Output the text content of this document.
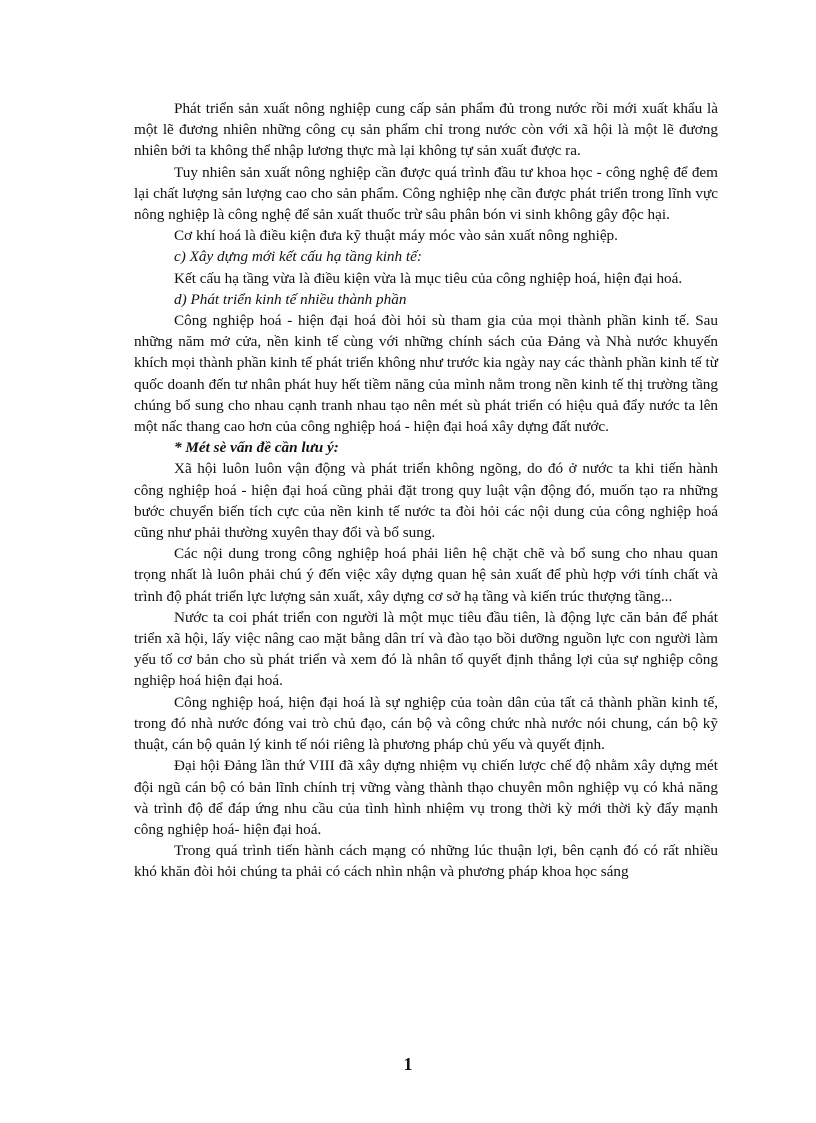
Phát triển sản xuất nông nghiệp cung cấp sản phẩm đủ trong nước rồi mới xuất khẩu là một lẽ đương nhiên những công cụ sản phẩm chỉ trong nước còn với xã hội là một lẽ đương nhiên bởi ta không thể nhập lương thực mà lại không tự sản xuất được ra.

Tuy nhiên sản xuất nông nghiệp cần được quá trình đầu tư khoa học - công nghệ để đem lại chất lượng sản lượng cao cho sản phẩm. Công nghiệp nhẹ cần được phát triển trong lĩnh vực nông nghiệp là công nghệ để sản xuất thuốc trừ sâu phân bón vi sinh không gây độc hại.

Cơ khí hoá là điều kiện đưa kỹ thuật máy móc vào sản xuất nông nghiệp.

c) Xây dựng mới kết cấu hạ tầng kinh tế:

Kết cấu hạ tầng vừa là điều kiện vừa là mục tiêu của công nghiệp hoá, hiện đại hoá.

d) Phát triển kinh tế nhiều thành phần

Công nghiệp hoá - hiện đại hoá đòi hỏi sù tham gia của mọi thành phần kinh tế. Sau những năm mở cửa, nền kinh tế cùng với những chính sách của Đảng và Nhà nước khuyến khích mọi thành phần kinh tế phát triển không như trước kia ngày nay các thành phần kinh tế từ quốc doanh đến tư nhân phát huy hết tiềm năng của mình nằm trong nền kinh tế thị trường tầng chúng bổ sung cho nhau cạnh tranh nhau tạo nên mét sù phát triển có hiệu quả đẩy nước ta lên một nấc thang cao hơn của công nghiệp hoá - hiện đại hoá xây dựng đất nước.

* Mét sè vấn đề cần lưu ý:

Xã hội luôn luôn vận động và phát triển không ngõng, do đó ở nước ta khi tiến hành công nghiệp hoá - hiện đại hoá cũng phải đặt trong quy luật vận động đó, muốn tạo ra những bước chuyển biến tích cực của nền kinh tế nước ta đòi hỏi các nội dung của công nghiệp hoá cũng như phải thường xuyên thay đổi và bổ sung.

Các nội dung trong công nghiệp hoá phải liên hệ chặt chẽ và bổ sung cho nhau quan trọng nhất là luôn phải chú ý đến việc xây dựng quan hệ sản xuất để phù hợp với tính chất và trình độ phát triển lực lượng sản xuất, xây dựng cơ sở hạ tầng và kiến trúc thượng tầng...

Nước ta coi phát triển con người là một mục tiêu đầu tiên, là động lực căn bản để phát triển xã hội, lấy việc nâng cao mặt bằng dân trí và đào tạo bồi dưỡng nguồn lực con người làm yếu tố cơ bản cho sù phát triển và xem đó là nhân tố quyết định thắng lợi của sự nghiệp công nghiệp hoá hiện đại hoá.

Công nghiệp hoá, hiện đại hoá là sự nghiệp của toàn dân của tất cả thành phần kinh tế, trong đó nhà nước đóng vai trò chủ đạo, cán bộ và công chức nhà nước nói chung, cán bộ kỹ thuật, cán bộ quản lý kinh tế nói riêng là phương pháp chủ yếu và quyết định.

Đại hội Đảng lần thứ VIII đã xây dựng nhiệm vụ chiến lược chế độ nhằm xây dựng mét đội ngũ cán bộ có bản lĩnh chính trị vững vàng thành thạo chuyên môn nghiệp vụ có khả năng và trình độ để đáp ứng nhu cầu của tình hình nhiệm vụ trong thời kỳ mới thời kỳ đẩy mạnh công nghiệp hoá- hiện đại hoá.

Trong quá trình tiến hành cách mạng có những lúc thuận lợi, bên cạnh đó có rất nhiều khó khăn đòi hỏi chúng ta phải có cách nhìn nhận và phương pháp khoa học sáng

1
